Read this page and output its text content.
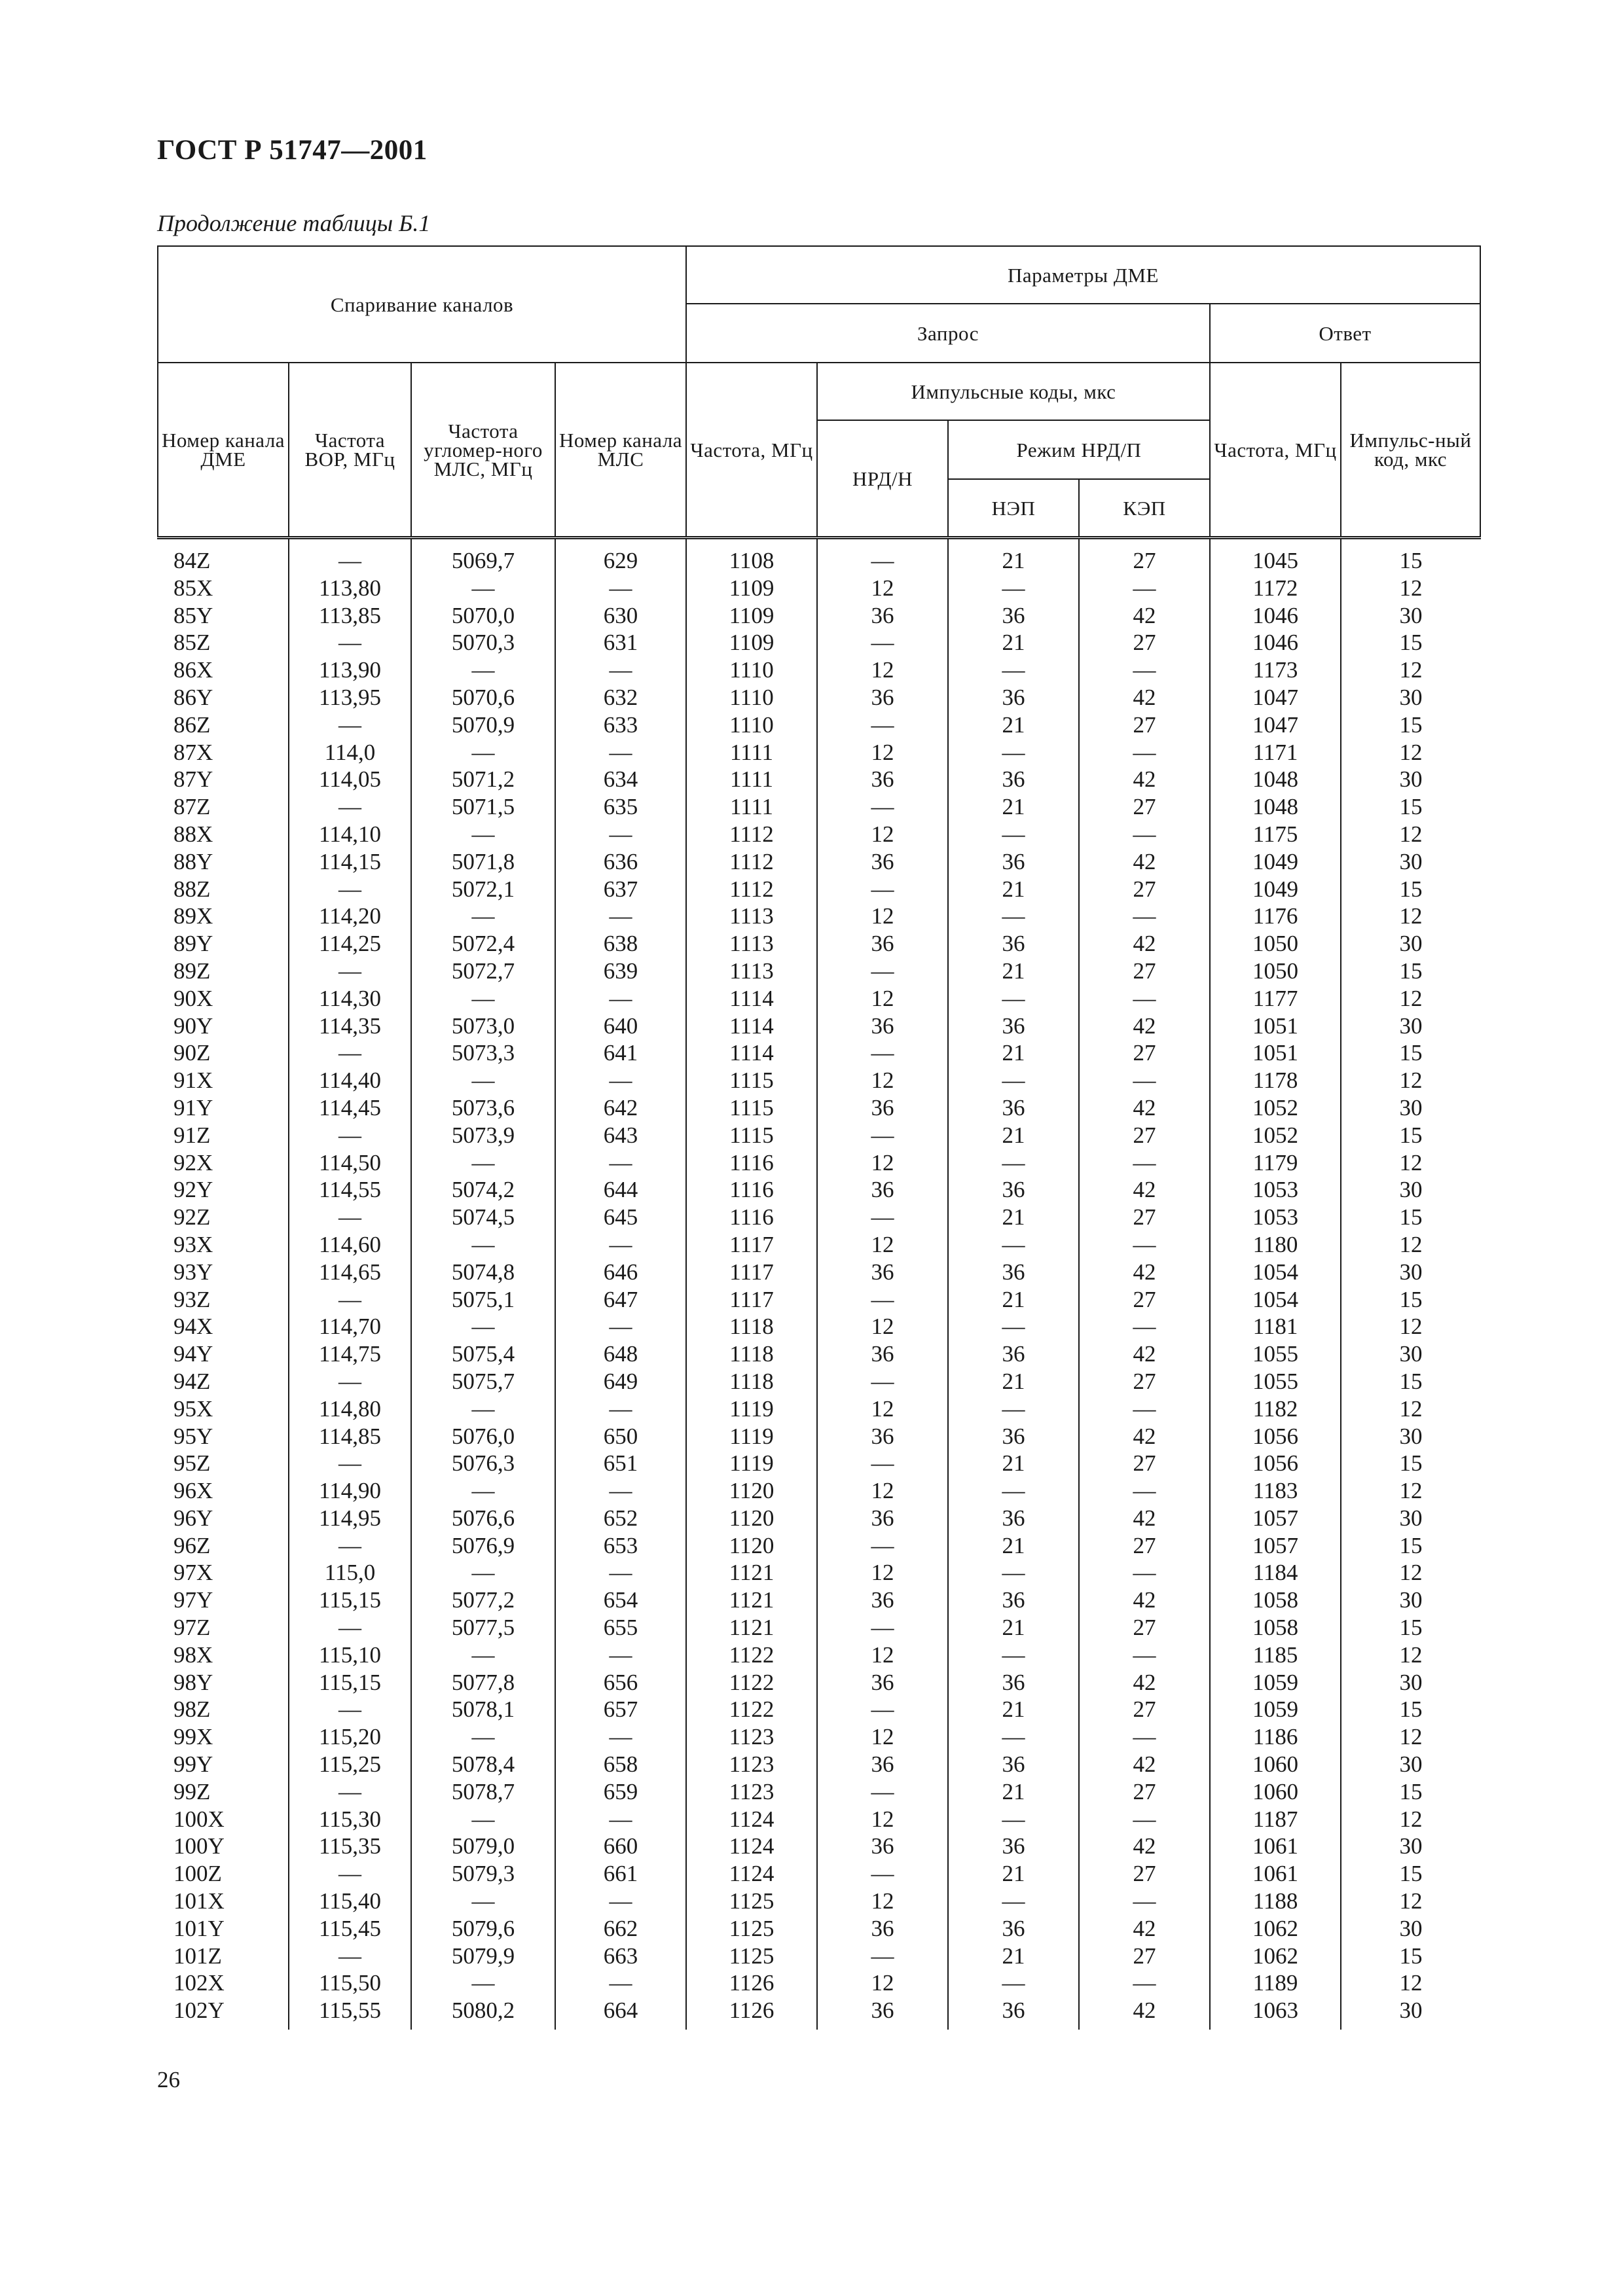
ГОСТ Р 51747—2001
Продолжение таблицы Б.1
Спаривание каналов				Параметры ДМЕ					
				Запрос				Ответ	
Номер канала ДМЕ	Частота ВОР, МГц	Частота угломер-ного МЛС, МГц	Номер канала МЛС	Частота, МГц	Импульсные коды, мкс			Частота, МГц	Импульс-ный код, мкс
					НРД/Н	Режим НРД/П			
						НЭП	КЭП		
84Z	—	5069,7	629	1108	—	21	27	1045	15
85X	113,80	—	—	1109	12	—	—	1172	12
85Y	113,85	5070,0	630	1109	36	36	42	1046	30
85Z	—	5070,3	631	1109	—	21	27	1046	15
86X	113,90	—	—	1110	12	—	—	1173	12
86Y	113,95	5070,6	632	1110	36	36	42	1047	30
86Z	—	5070,9	633	1110	—	21	27	1047	15
87X	114,0	—	—	1111	12	—	—	1171	12
87Y	114,05	5071,2	634	1111	36	36	42	1048	30
87Z	—	5071,5	635	1111	—	21	27	1048	15
88X	114,10	—	—	1112	12	—	—	1175	12
88Y	114,15	5071,8	636	1112	36	36	42	1049	30
88Z	—	5072,1	637	1112	—	21	27	1049	15
89X	114,20	—	—	1113	12	—	—	1176	12
89Y	114,25	5072,4	638	1113	36	36	42	1050	30
89Z	—	5072,7	639	1113	—	21	27	1050	15
90X	114,30	—	—	1114	12	—	—	1177	12
90Y	114,35	5073,0	640	1114	36	36	42	1051	30
90Z	—	5073,3	641	1114	—	21	27	1051	15
91X	114,40	—	—	1115	12	—	—	1178	12
91Y	114,45	5073,6	642	1115	36	36	42	1052	30
91Z	—	5073,9	643	1115	—	21	27	1052	15
92X	114,50	—	—	1116	12	—	—	1179	12
92Y	114,55	5074,2	644	1116	36	36	42	1053	30
92Z	—	5074,5	645	1116	—	21	27	1053	15
93X	114,60	—	—	1117	12	—	—	1180	12
93Y	114,65	5074,8	646	1117	36	36	42	1054	30
93Z	—	5075,1	647	1117	—	21	27	1054	15
94X	114,70	—	—	1118	12	—	—	1181	12
94Y	114,75	5075,4	648	1118	36	36	42	1055	30
94Z	—	5075,7	649	1118	—	21	27	1055	15
95X	114,80	—	—	1119	12	—	—	1182	12
95Y	114,85	5076,0	650	1119	36	36	42	1056	30
95Z	—	5076,3	651	1119	—	21	27	1056	15
96X	114,90	—	—	1120	12	—	—	1183	12
96Y	114,95	5076,6	652	1120	36	36	42	1057	30
96Z	—	5076,9	653	1120	—	21	27	1057	15
97X	115,0	—	—	1121	12	—	—	1184	12
97Y	115,15	5077,2	654	1121	36	36	42	1058	30
97Z	—	5077,5	655	1121	—	21	27	1058	15
98X	115,10	—	—	1122	12	—	—	1185	12
98Y	115,15	5077,8	656	1122	36	36	42	1059	30
98Z	—	5078,1	657	1122	—	21	27	1059	15
99X	115,20	—	—	1123	12	—	—	1186	12
99Y	115,25	5078,4	658	1123	36	36	42	1060	30
99Z	—	5078,7	659	1123	—	21	27	1060	15
100X	115,30	—	—	1124	12	—	—	1187	12
100Y	115,35	5079,0	660	1124	36	36	42	1061	30
100Z	—	5079,3	661	1124	—	21	27	1061	15
101X	115,40	—	—	1125	12	—	—	1188	12
101Y	115,45	5079,6	662	1125	36	36	42	1062	30
101Z	—	5079,9	663	1125	—	21	27	1062	15
102X	115,50	—	—	1126	12	—	—	1189	12
102Y	115,55	5080,2	664	1126	36	36	42	1063	30
26
